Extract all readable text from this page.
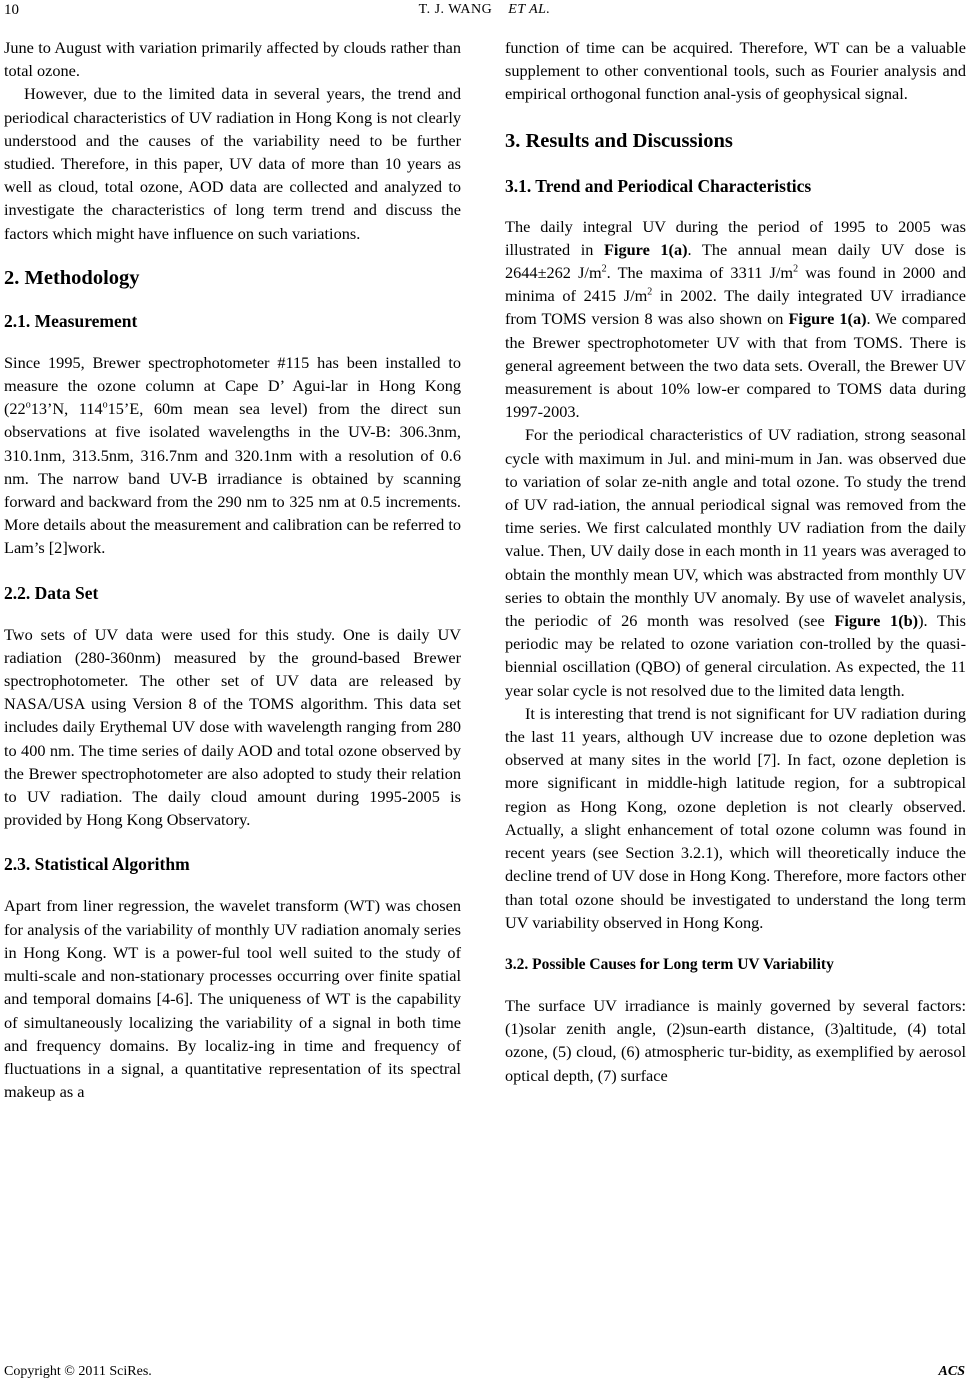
10	T. J. WANG ET AL.

June to August with variation primarily affected by clouds rather than total ozone.

However, due to the limited data in several years, the trend and periodical characteristics of UV radiation in Hong Kong is not clearly understood and the causes of the variability need to be further studied. Therefore, in this paper, UV data of more than 10 years as well as cloud, total ozone, AOD data are collected and analyzed to investigate the characteristics of long term trend and discuss the factors which might have influence on such variations.

2. Methodology
2.1. Measurement

Since 1995, Brewer spectrophotometer #115 has been installed to measure the ozone column at Cape D’ Agui-lar in Hong Kong (22$^o$13’N, 114$^o$15’E, 60m mean sea level) from the direct sun observations at five isolated wavelengths in the UV-B: 306.3nm, 310.1nm, 313.5nm, 316.7nm and 320.1nm with a resolution of 0.6 nm. The narrow band UV-B irradiance is obtained by scanning forward and backward from the 290 nm to 325 nm at 0.5 increments. More details about the measurement and calibration can be referred to Lam’s [2]work.

2.2. Data Set

Two sets of UV data were used for this study. One is daily UV radiation (280-360nm) measured by the ground-based Brewer spectrophotometer. The other set of UV data are released by NASA/USA using Version 8 of the TOMS algorithm. This data set includes daily Erythemal UV dose with wavelength ranging from 280 to 400 nm. The time series of daily AOD and total ozone observed by the Brewer spectrophotometer are also adopted to study their relation to UV radiation. The daily cloud amount during 1995-2005 is provided by Hong Kong Observatory.

2.3. Statistical Algorithm

Apart from liner regression, the wavelet transform (WT) was chosen for analysis of the variability of monthly UV radiation anomaly series in Hong Kong. WT is a power-ful tool well suited to the study of multi-scale and non-stationary processes occurring over finite spatial and temporal domains [4-6]. The uniqueness of WT is the capability of simultaneously localizing the variability of a signal in both time and frequency domains. By localiz-ing in time and frequency of fluctuations in a signal, a quantitative representation of its spectral makeup as a

function of time can be acquired. Therefore, WT can be a valuable supplement to other conventional tools, such as Fourier analysis and empirical orthogonal function anal-ysis of geophysical signal.

3. Results and Discussions
3.1. Trend and Periodical Characteristics

The daily integral UV during the period of 1995 to 2005 was illustrated in Figure 1(a). The annual mean daily UV dose is 2644±262 $J/m^2$. The maxima of 3311 $J/m^2$ was found in 2000 and minima of 2415 $J/m^2$ in 2002. The daily integrated UV irradiance from TOMS version 8 was also shown on Figure 1(a). We compared the Brewer spectrophotometer UV with that from TOMS. There is general agreement between the two data sets. Overall, the Brewer UV measurement is about 10% low-er compared to TOMS data during 1997-2003.

For the periodical characteristics of UV radiation, strong seasonal cycle with maximum in Jul. and mini-mum in Jan. was observed due to variation of solar ze-nith angle and total ozone. To study the trend of UV rad-iation, the annual periodical signal was removed from the time series. We first calculated monthly UV radiation from the daily value. Then, UV daily dose in each month in 11 years was averaged to obtain the monthly mean UV, which was abstracted from monthly UV series to obtain the monthly UV anomaly. By use of wavelet analysis, the periodic of 26 month was resolved (see Figure 1(b)). This periodic may be related to ozone variation con-trolled by the quasi-biennial oscillation (QBO) of general circulation. As expected, the 11 year solar cycle is not resolved due to the limited data length.

It is interesting that trend is not significant for UV radiation during the last 11 years, although UV increase due to ozone depletion was observed at many sites in the world [7]. In fact, ozone depletion is more significant in middle-high latitude region, for a subtropical region as Hong Kong, ozone depletion is not clearly observed. Actually, a slight enhancement of total ozone column was found in recent years (see Section 3.2.1), which will theoretically induce the decline trend of UV dose in Hong Kong. Therefore, more factors other than total ozone should be investigated to understand the long term UV variability observed in Hong Kong.

3.2. Possible Causes for Long term UV Variability

The surface UV irradiance is mainly governed by several factors: (1)solar zenith angle, (2)sun-earth distance, (3)altitude, (4) total ozone, (5) cloud, (6) atmospheric tur-bidity, as exemplified by aerosol optical depth, (7) surface

Copyright © 2011 SciRes.	ACS
